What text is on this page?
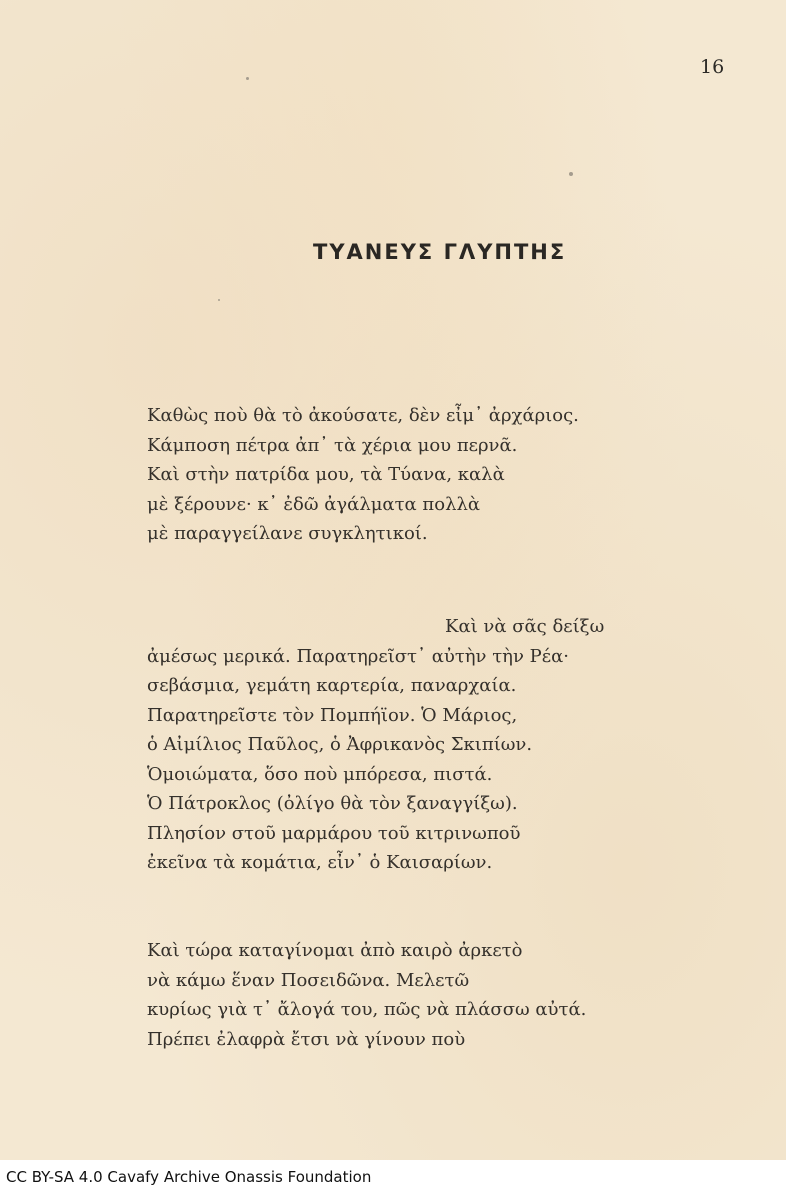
16
ΤΥΑΝΕΥΣ ΓΛΥΠΤΗΣ
Καθὼς ποὺ θὰ τὸ ἀκούσατε, δὲν εἶμ᾿ ἀρχάριος.
Κάμποση πέτρα ἀπ᾿ τὰ χέρια μου περνᾶ.
Καὶ στὴν πατρίδα μου, τὰ Τύανα, καλὰ
μὲ ξέρουνε· κ᾿ ἐδῶ ἀγάλματα πολλὰ
μὲ παραγγείλανε συγκλητικοί.
Καὶ νὰ σᾶς δείξω
ἀμέσως μερικά. Παρατηρεῖστ᾿ αὐτὴν τὴν Ρέα·
σεβάσμια, γεμάτη καρτερία, παναρχαία.
Παρατηρεῖστε τὸν Πομπήϊον. Ὁ Μάριος,
ὁ Αἰμίλιος Παῦλος, ὁ Ἀφρικανὸς Σκιπίων.
Ὁμοιώματα, ὅσο ποὺ μπόρεσα, πιστά.
Ὁ Πάτροκλος (ὀλίγο θὰ τὸν ξαναγγίξω).
Πλησίον στοῦ μαρμάρου τοῦ κιτρινωποῦ
ἐκεῖνα τὰ κομάτια, εἶν᾿ ὁ Καισαρίων.
Καὶ τώρα καταγίνομαι ἀπὸ καιρὸ ἀρκετὸ
νὰ κάμω ἕναν Ποσειδῶνα. Μελετῶ
κυρίως γιὰ τ᾿ ἄλογά του, πῶς νὰ πλάσσω αὐτά.
Πρέπει ἐλαφρὰ ἔτσι νὰ γίνουν ποὺ
CC BY-SA 4.0 Cavafy Archive Onassis Foundation
